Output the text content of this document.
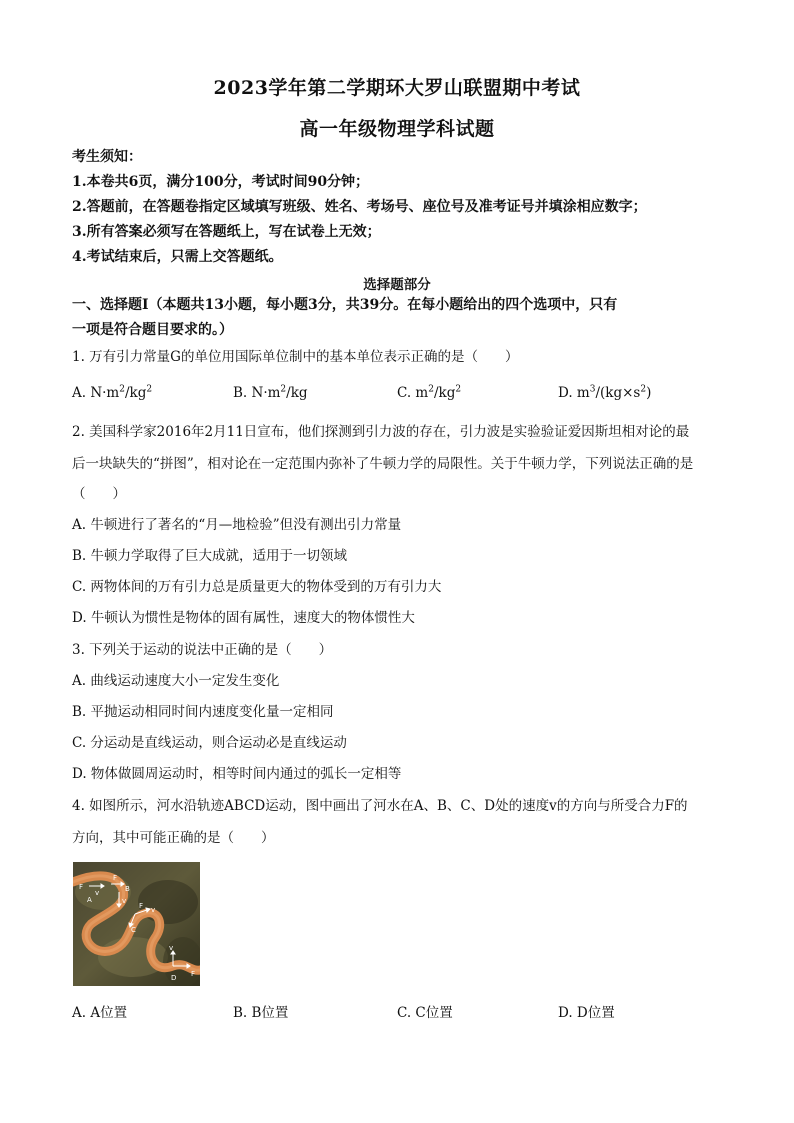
2023学年第二学期环大罗山联盟期中考试
高一年级物理学科试题
考生须知：
1.本卷共6页，满分100分，考试时间90分钟；
2.答题前，在答题卷指定区域填写班级、姓名、考场号、座位号及准考证号并填涂相应数字；
3.所有答案必须写在答题纸上，写在试卷上无效；
4.考试结束后，只需上交答题纸。
选择题部分
一、选择题Ⅰ（本题共13小题，每小题3分，共39分。在每小题给出的四个选项中，只有
一项是符合题目要求的。）
1. 万有引力常量G的单位用国际单位制中的基本单位表示正确的是（　　）
A. $N\cdot m^2/kg^2$	B. $N\cdot m^2/kg$	C. $m^2/kg^2$	D. $m^3/(kg\times s^2)$
2. 美国科学家2016年2月11日宣布，他们探测到引力波的存在，引力波是实验验证爱因斯坦相对论的最
后一块缺失的“拼图”，相对论在一定范围内弥补了牛顿力学的局限性。关于牛顿力学，下列说法正确的是
（　　）
A. 牛顿进行了著名的“月—地检验”但没有测出引力常量
B. 牛顿力学取得了巨大成就，适用于一切领域
C. 两物体间的万有引力总是质量更大的物体受到的万有引力大
D. 牛顿认为惯性是物体的固有属性，速度大的物体惯性大
3. 下列关于运动的说法中正确的是（　　）
A. 曲线运动速度大小一定发生变化
B. 平抛运动相同时间内速度变化量一定相同
C. 分运动是直线运动，则合运动必是直线运动
D. 物体做圆周运动时，相等时间内通过的弧长一定相等
4. 如图所示，河水沿轨迹ABCD运动，图中画出了河水在A、B、C、D处的速度v的方向与所受合力F的
方向，其中可能正确的是（　　）
F
A
v
F
B
v
F v
C
v
F
D
A. A位置	B. B位置	C. C位置	D. D位置
